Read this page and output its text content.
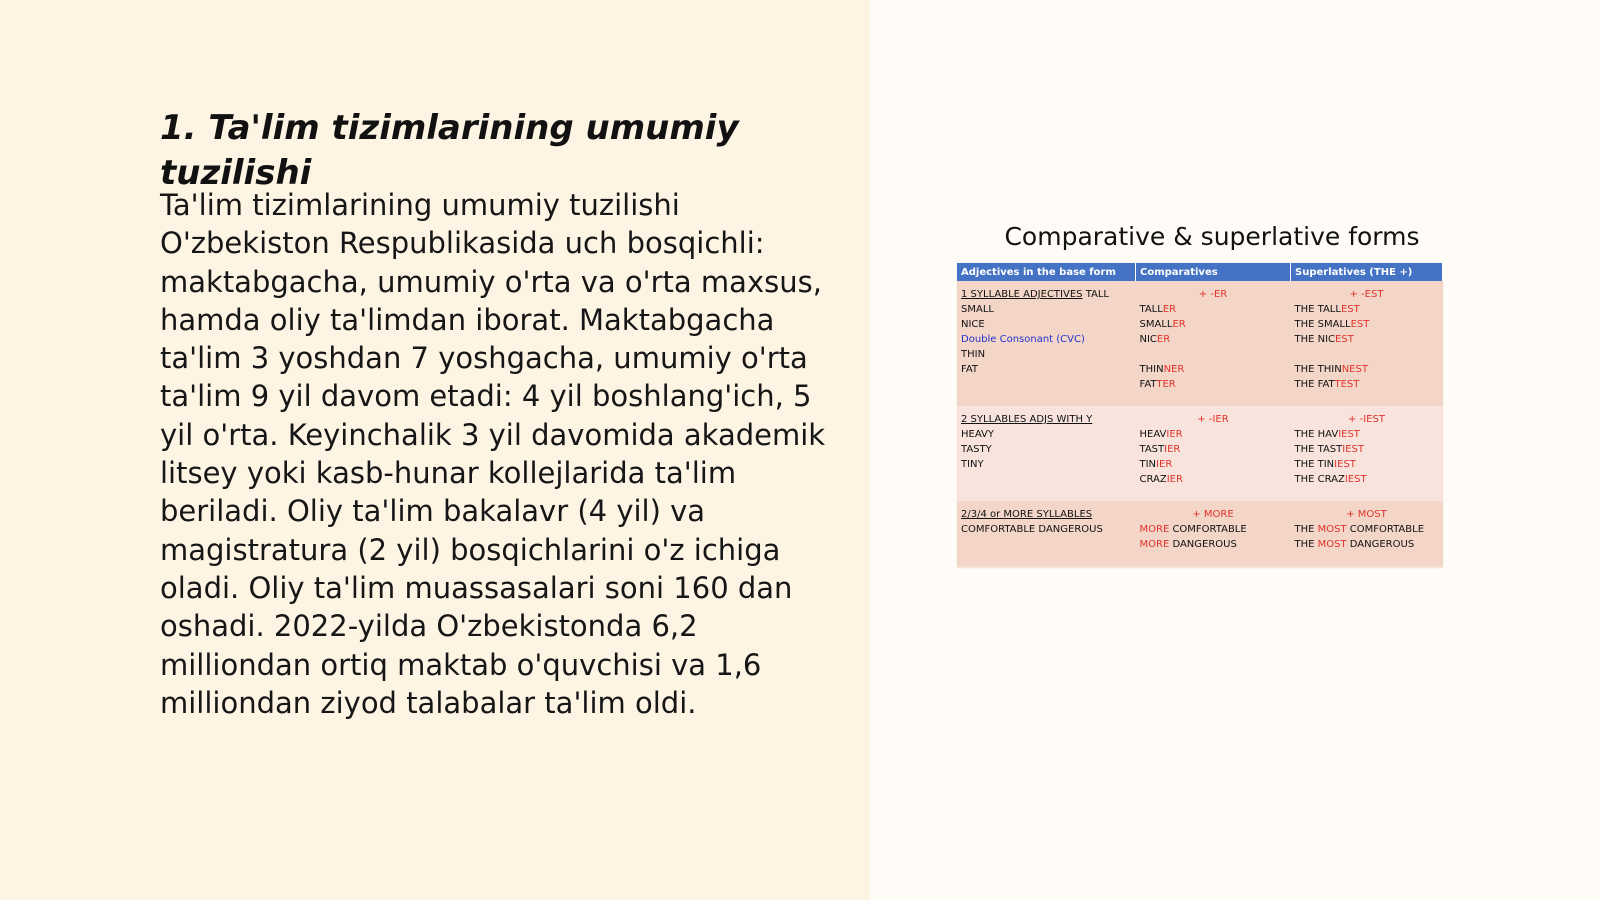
1. Ta'lim tizimlarining umumiy
tuzilishi

Ta'lim tizimlarining umumiy tuzilishi
O'zbekiston Respublikasida uch bosqichli:
maktabgacha, umumiy o'rta va o'rta maxsus,
hamda oliy ta'limdan iborat. Maktabgacha
ta'lim 3 yoshdan 7 yoshgacha, umumiy o'rta
ta'lim 9 yil davom etadi: 4 yil boshlang'ich, 5
yil o'rta. Keyinchalik 3 yil davomida akademik
litsey yoki kasb-hunar kollejlarida ta'lim
beriladi. Oliy ta'lim bakalavr (4 yil) va
magistratura (2 yil) bosqichlarini o'z ichiga
oladi. Oliy ta'lim muassasalari soni 160 dan
oshadi. 2022-yilda O'zbekistonda 6,2
milliondan ortiq maktab o'quvchisi va 1,6
milliondan ziyod talabalar ta'lim oldi.

Comparative & superlative forms
Adjectives in the base form	Comparatives	Superlatives (THE +)
1 SYLLABLE ADJECTIVES TALL	+ -ER	+ -EST
SMALL	TALLER	THE TALLEST
NICE	SMALLER	THE SMALLEST
Double Consonant (CVC)	NICER	THE NICEST
THIN		
FAT	THINNER	THE THINNEST
	FATTER	THE FATTEST

2 SYLLABLES ADJS WITH Y	+ -IER	+ -IEST
HEAVY	HEAVIER	THE HAVIEST
TASTY	TASTIER	THE TASTIEST
TINY	TINIER	THE TINIEST
	CRAZIER	THE CRAZIEST

2/3/4 or MORE SYLLABLES	+ MORE	+ MOST
COMFORTABLE DANGEROUS	MORE COMFORTABLE	THE MOST COMFORTABLE
	MORE DANGEROUS	THE MOST DANGEROUS
